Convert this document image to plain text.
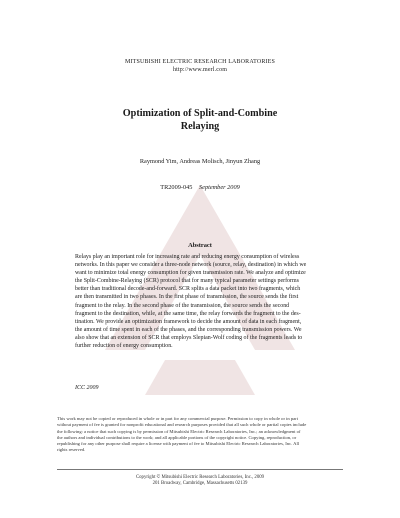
MITSUBISHI ELECTRIC RESEARCH LABORATORIES
http://www.merl.com
Optimization of Split-and-Combine
Relaying
Raymond Yim, Andreas Molisch, Jinyun Zhang
TR2009-045 September 2009
Abstract
Relays play an important role for increasing rate and reducing energy consumption of wireless
networks. In this paper we consider a three-node network (source, relay, destination) in which we
want to minimize total energy consumption for given transmission rate. We analyze and optimize
the Split-Combine-Relaying (SCR) protocol that for many typical parameter settings performs
better than traditional decode-and-forward. SCR splits a data packet into two fragments, which
are then transmitted in two phases. In the first phase of transmission, the source sends the first
fragment to the relay. In the second phase of the transmission, the source sends the second
fragment to the destination, while, at the same time, the relay forwards the fragment to the des-
tination. We provide an optimization framework to decide the amount of data in each fragment,
the amount of time spent in each of the phases, and the corresponding transmission powers. We
also show that an extension of SCR that employs Slepian-Wolf coding of the fragments leads to
further reduction of energy consumption.
ICC 2009
This work may not be copied or reproduced in whole or in part for any commercial purpose. Permission to copy in whole or in part
without payment of fee is granted for nonprofit educational and research purposes provided that all such whole or partial copies include
the following: a notice that such copying is by permission of Mitsubishi Electric Research Laboratories, Inc.; an acknowledgment of
the authors and individual contributions to the work; and all applicable portions of the copyright notice. Copying, reproduction, or
republishing for any other purpose shall require a license with payment of fee to Mitsubishi Electric Research Laboratories, Inc. All
rights reserved.
Copyright © Mitsubishi Electric Research Laboratories, Inc., 2009
201 Broadway, Cambridge, Massachusetts 02139
